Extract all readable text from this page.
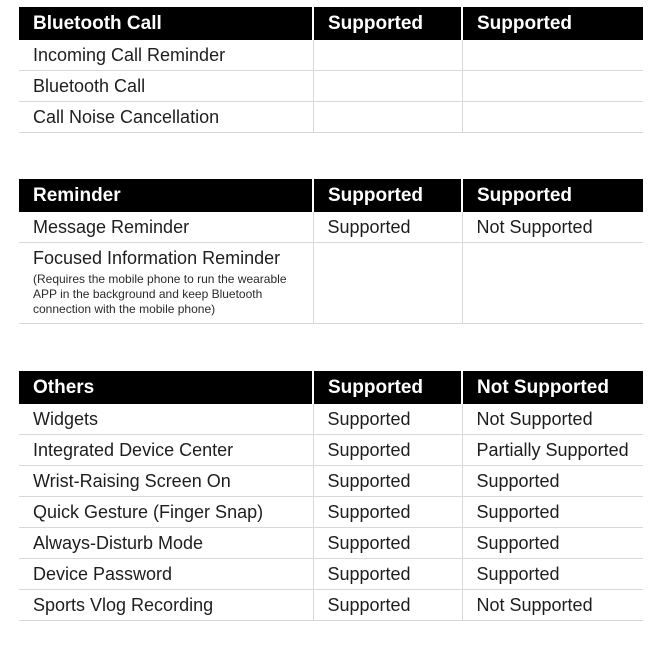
Bluetooth Call	Supported	Supported
Incoming Call Reminder		
Bluetooth Call		
Call Noise Cancellation		
Reminder	Supported	Supported
Message Reminder	Supported	Not Supported
Focused Information Reminder
(Requires the mobile phone to run the wearable APP in the background and keep Bluetooth connection with the mobile phone)		

Others	Supported	Not Supported
Widgets	Supported	Not Supported
Integrated Device Center	Supported	Partially Supported
Wrist-Raising Screen On	Supported	Supported
Quick Gesture (Finger Snap)	Supported	Supported
Always-Disturb Mode	Supported	Supported
Device Password	Supported	Supported
Sports Vlog Recording	Supported	Not Supported
